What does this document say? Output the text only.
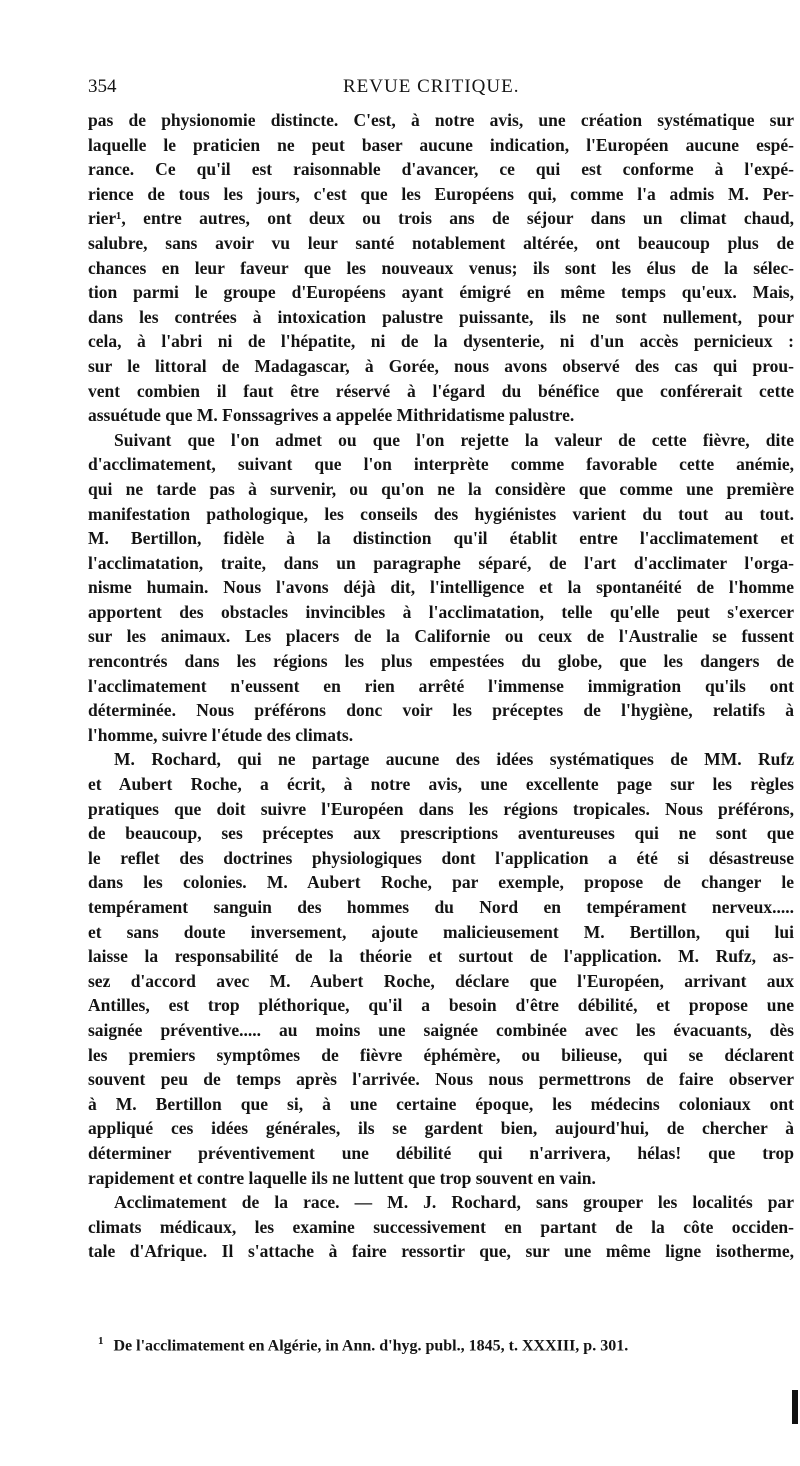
354	REVUE CRITIQUE.
pas de physionomie distincte. C'est, à notre avis, une création systématique sur
laquelle le praticien ne peut baser aucune indication, l'Européen aucune espé-
rance. Ce qu'il est raisonnable d'avancer, ce qui est conforme à l'expé-
rience de tous les jours, c'est que les Européens qui, comme l'a admis M. Per-
rier¹, entre autres, ont deux ou trois ans de séjour dans un climat chaud,
salubre, sans avoir vu leur santé notablement altérée, ont beaucoup plus de
chances en leur faveur que les nouveaux venus; ils sont les élus de la sélec-
tion parmi le groupe d'Européens ayant émigré en même temps qu'eux. Mais,
dans les contrées à intoxication palustre puissante, ils ne sont nullement, pour
cela, à l'abri ni de l'hépatite, ni de la dysenterie, ni d'un accès pernicieux :
sur le littoral de Madagascar, à Gorée, nous avons observé des cas qui prou-
vent combien il faut être réservé à l'égard du bénéfice que conférerait cette
assuétude que M. Fonssagrives a appelée Mithridatisme palustre.
Suivant que l'on admet ou que l'on rejette la valeur de cette fièvre, dite
d'acclimatement, suivant que l'on interprète comme favorable cette anémie,
qui ne tarde pas à survenir, ou qu'on ne la considère que comme une première
manifestation pathologique, les conseils des hygiénistes varient du tout au tout.
M. Bertillon, fidèle à la distinction qu'il établit entre l'acclimatement et
l'acclimatation, traite, dans un paragraphe séparé, de l'art d'acclimater l'orga-
nisme humain. Nous l'avons déjà dit, l'intelligence et la spontanéité de l'homme
apportent des obstacles invincibles à l'acclimatation, telle qu'elle peut s'exercer
sur les animaux. Les placers de la Californie ou ceux de l'Australie se fussent
rencontrés dans les régions les plus empestées du globe, que les dangers de
l'acclimatement n'eussent en rien arrêté l'immense immigration qu'ils ont
déterminée. Nous préférons donc voir les préceptes de l'hygiène, relatifs à
l'homme, suivre l'étude des climats.
M. Rochard, qui ne partage aucune des idées systématiques de MM. Rufz
et Aubert Roche, a écrit, à notre avis, une excellente page sur les règles
pratiques que doit suivre l'Européen dans les régions tropicales. Nous préférons,
de beaucoup, ses préceptes aux prescriptions aventureuses qui ne sont que
le reflet des doctrines physiologiques dont l'application a été si désastreuse
dans les colonies. M. Aubert Roche, par exemple, propose de changer le
tempérament sanguin des hommes du Nord en tempérament nerveux.....
et sans doute inversement, ajoute malicieusement M. Bertillon, qui lui
laisse la responsabilité de la théorie et surtout de l'application. M. Rufz, as-
sez d'accord avec M. Aubert Roche, déclare que l'Européen, arrivant aux
Antilles, est trop pléthorique, qu'il a besoin d'être débilité, et propose une
saignée préventive..... au moins une saignée combinée avec les évacuants, dès
les premiers symptômes de fièvre éphémère, ou bilieuse, qui se déclarent
souvent peu de temps après l'arrivée. Nous nous permettrons de faire observer
à M. Bertillon que si, à une certaine époque, les médecins coloniaux ont
appliqué ces idées générales, ils se gardent bien, aujourd'hui, de chercher à
déterminer préventivement une débilité qui n'arrivera, hélas! que trop
rapidement et contre laquelle ils ne luttent que trop souvent en vain.
Acclimatement de la race. — M. J. Rochard, sans grouper les localités par
climats médicaux, les examine successivement en partant de la côte occiden-
tale d'Afrique. Il s'attache à faire ressortir que, sur une même ligne isotherme,
$^1$ De l'acclimatement en Algérie, in Ann. d'hyg. publ., 1845, t. XXXIII, p. 301.
